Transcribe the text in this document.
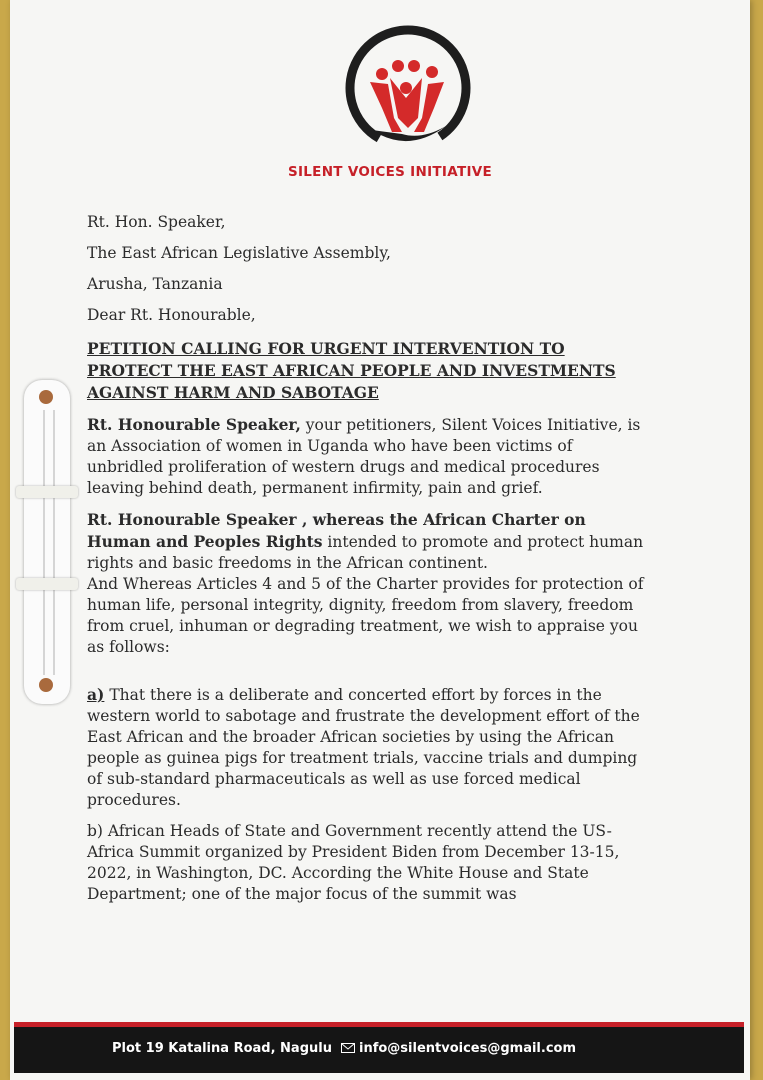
SILENT VOICES INITIATIVE

Rt. Hon. Speaker,

The East African Legislative Assembly,

Arusha, Tanzania

Dear Rt. Honourable,

PETITION CALLING FOR URGENT INTERVENTION TO
PROTECT THE EAST AFRICAN PEOPLE AND INVESTMENTS
AGAINST HARM AND SABOTAGE

Rt. Honourable Speaker, your petitioners, Silent Voices Initiative, is an Association of women in Uganda who have been victims of unbridled proliferation of western drugs and medical procedures leaving behind death, permanent infirmity, pain and grief.

Rt. Honourable Speaker , whereas the African Charter on Human and Peoples Rights intended to promote and protect human rights and basic freedoms in the African continent.

And Whereas Articles 4 and 5 of the Charter provides for protection of human life, personal integrity, dignity, freedom from slavery, freedom from cruel, inhuman or degrading treatment, we wish to appraise you as follows:

a) That there is a deliberate and concerted effort by forces in the western world to sabotage and frustrate the development effort of the East African and the broader African societies by using the African people as guinea pigs for treatment trials, vaccine trials and dumping of sub-standard pharmaceuticals as well as use forced medical procedures.

b) African Heads of State and Government recently attend the US- Africa Summit organized by President Biden from December 13-15, 2022, in Washington, DC. According the White House and State Department; one of the major focus of the summit was

Plot 19 Katalina Road, Nagulu info@silentvoices@gmail.com
